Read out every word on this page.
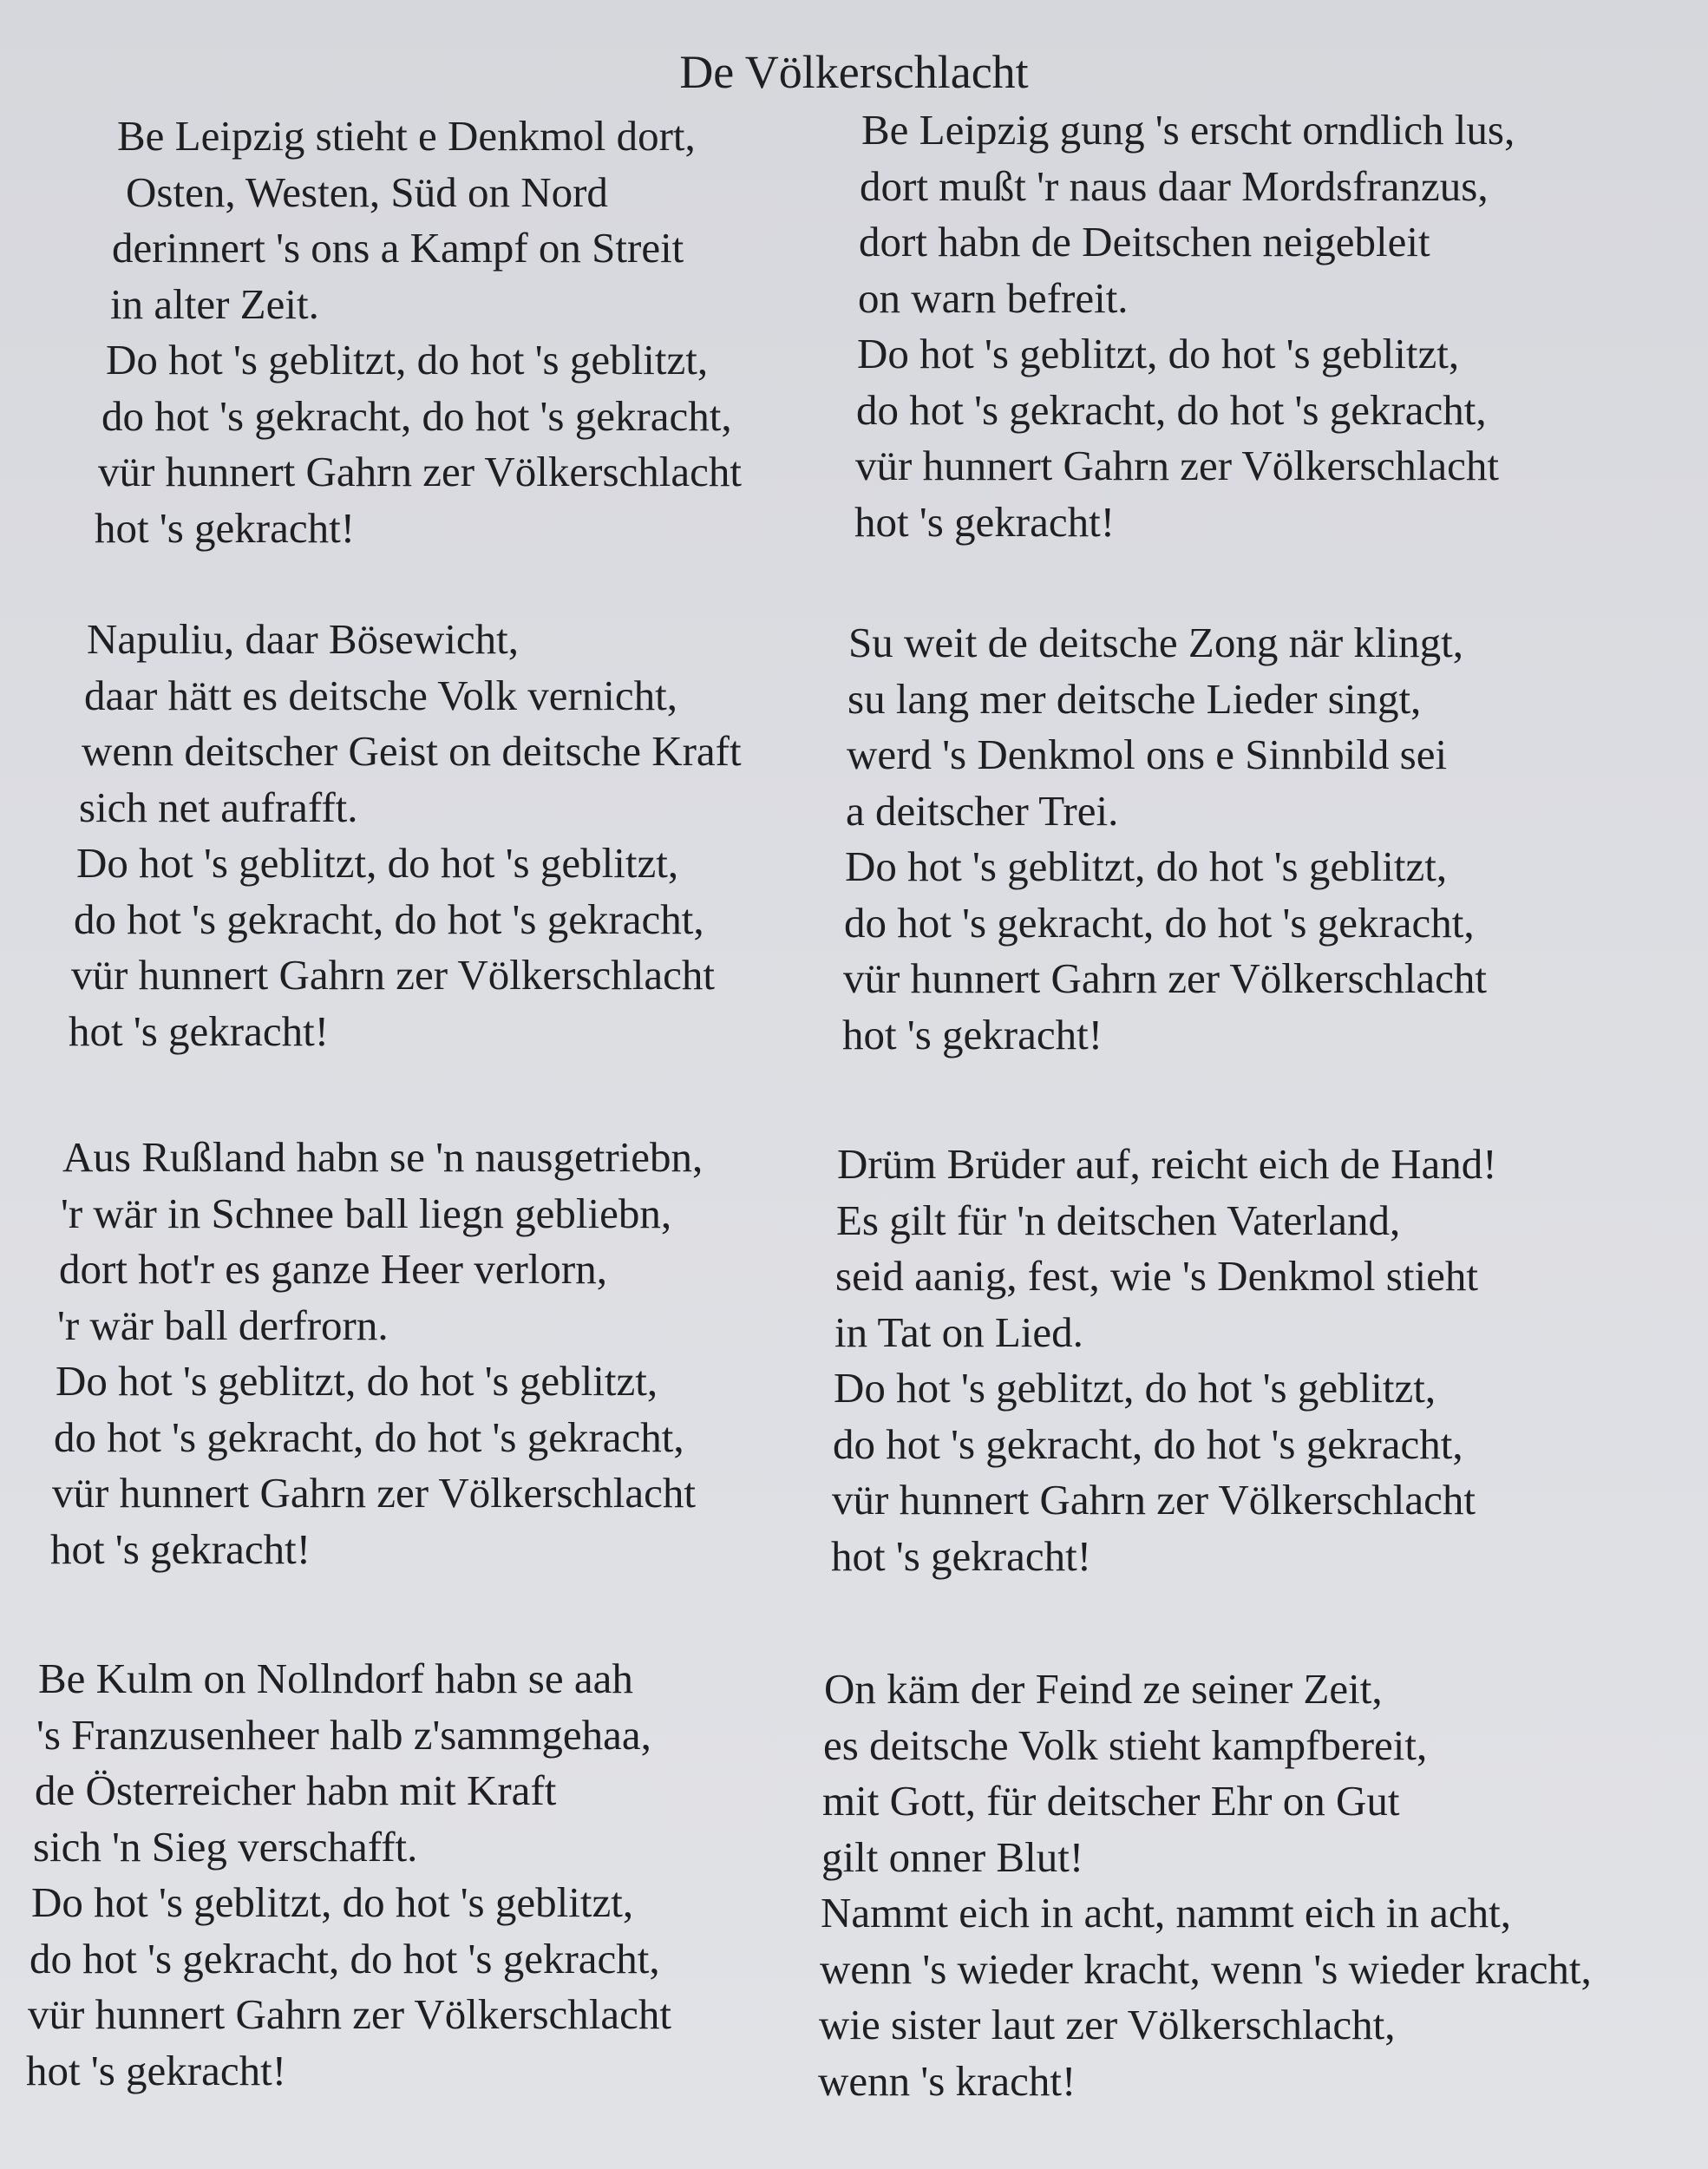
De Völkerschlacht
Be Leipzig stieht e Denkmol dort,
Osten, Westen, Süd on Nord
derinnert 's ons a Kampf on Streit
in alter Zeit.
Do hot 's geblitzt, do hot 's geblitzt,
do hot 's gekracht, do hot 's gekracht,
vür hunnert Gahrn zer Völkerschlacht
hot 's gekracht!
Be Leipzig gung 's erscht orndlich lus,
dort mußt 'r naus daar Mordsfranzus,
dort habn de Deitschen neigebleit
on warn befreit.
Do hot 's geblitzt, do hot 's geblitzt,
do hot 's gekracht, do hot 's gekracht,
vür hunnert Gahrn zer Völkerschlacht
hot 's gekracht!
Napuliu, daar Bösewicht,
daar hätt es deitsche Volk vernicht,
wenn deitscher Geist on deitsche Kraft
sich net aufrafft.
Do hot 's geblitzt, do hot 's geblitzt,
do hot 's gekracht, do hot 's gekracht,
vür hunnert Gahrn zer Völkerschlacht
hot 's gekracht!
Su weit de deitsche Zong när klingt,
su lang mer deitsche Lieder singt,
werd 's Denkmol ons e Sinnbild sei
a deitscher Trei.
Do hot 's geblitzt, do hot 's geblitzt,
do hot 's gekracht, do hot 's gekracht,
vür hunnert Gahrn zer Völkerschlacht
hot 's gekracht!
Aus Rußland habn se 'n nausgetriebn,
'r wär in Schnee ball liegn gebliebn,
dort hot'r es ganze Heer verlorn,
'r wär ball derfrorn.
Do hot 's geblitzt, do hot 's geblitzt,
do hot 's gekracht, do hot 's gekracht,
vür hunnert Gahrn zer Völkerschlacht
hot 's gekracht!
Drüm Brüder auf, reicht eich de Hand!
Es gilt für 'n deitschen Vaterland,
seid aanig, fest, wie 's Denkmol stieht
in Tat on Lied.
Do hot 's geblitzt, do hot 's geblitzt,
do hot 's gekracht, do hot 's gekracht,
vür hunnert Gahrn zer Völkerschlacht
hot 's gekracht!
Be Kulm on Nollndorf habn se aah
's Franzusenheer halb z'sammgehaa,
de Österreicher habn mit Kraft
sich 'n Sieg verschafft.
Do hot 's geblitzt, do hot 's geblitzt,
do hot 's gekracht, do hot 's gekracht,
vür hunnert Gahrn zer Völkerschlacht
hot 's gekracht!
On käm der Feind ze seiner Zeit,
es deitsche Volk stieht kampfbereit,
mit Gott, für deitscher Ehr on Gut
gilt onner Blut!
Nammt eich in acht, nammt eich in acht,
wenn 's wieder kracht, wenn 's wieder kracht,
wie sister laut zer Völkerschlacht,
wenn 's kracht!
